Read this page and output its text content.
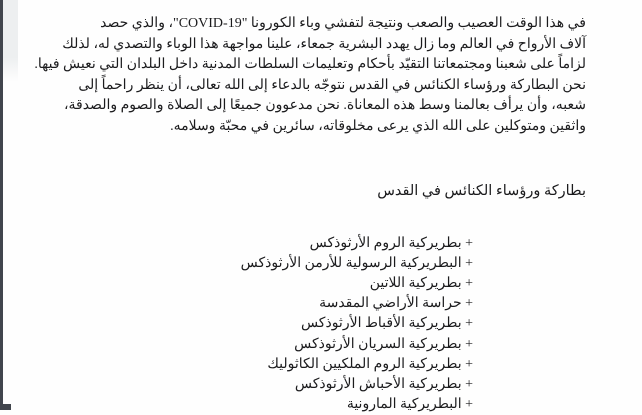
في هذا الوقت العصيب والصعب ونتيجة لتفشي وباء الكورونا "COVID-19"، والذي حصد
آلاف الأرواح في العالم وما زال يهدد البشرية جمعاء، علينا مواجهة هذا الوباء والتصدي له، لذلك
لزاماً على شعبنا ومجتمعاتنا التقيّد بأحكام وتعليمات السلطات المدنية داخل البلدان التي نعيش فيها.
نحن البطاركة ورؤساء الكنائس في القدس نتوجّه بالدعاء إلى الله تعالى، أن ينظر راحماً إلى
شعبه، وأن يرأف بعالمنا وسط هذه المعاناة. نحن مدعوون جميعًا إلى الصلاة والصوم والصدقة،
واثقين ومتوكلين على الله الذي يرعى مخلوقاته، سائرين في محبّة وسلامه.
بطاركة ورؤساء الكنائس في القدس
+ بطريركية الروم الأرثوذكس
+ البطريركية الرسولية للأرمن الأرثوذكس
+ بطريركية اللاتين
+ حراسة الأراضي المقدسة
+ بطريركية الأقباط الأرثوذكس
+ بطريركية السريان الأرثوذكس
+ بطريركية الروم الملكيين الكاثوليك
+ بطريركية الأحباش الأرثوذكس
+ البطريركية المارونية
